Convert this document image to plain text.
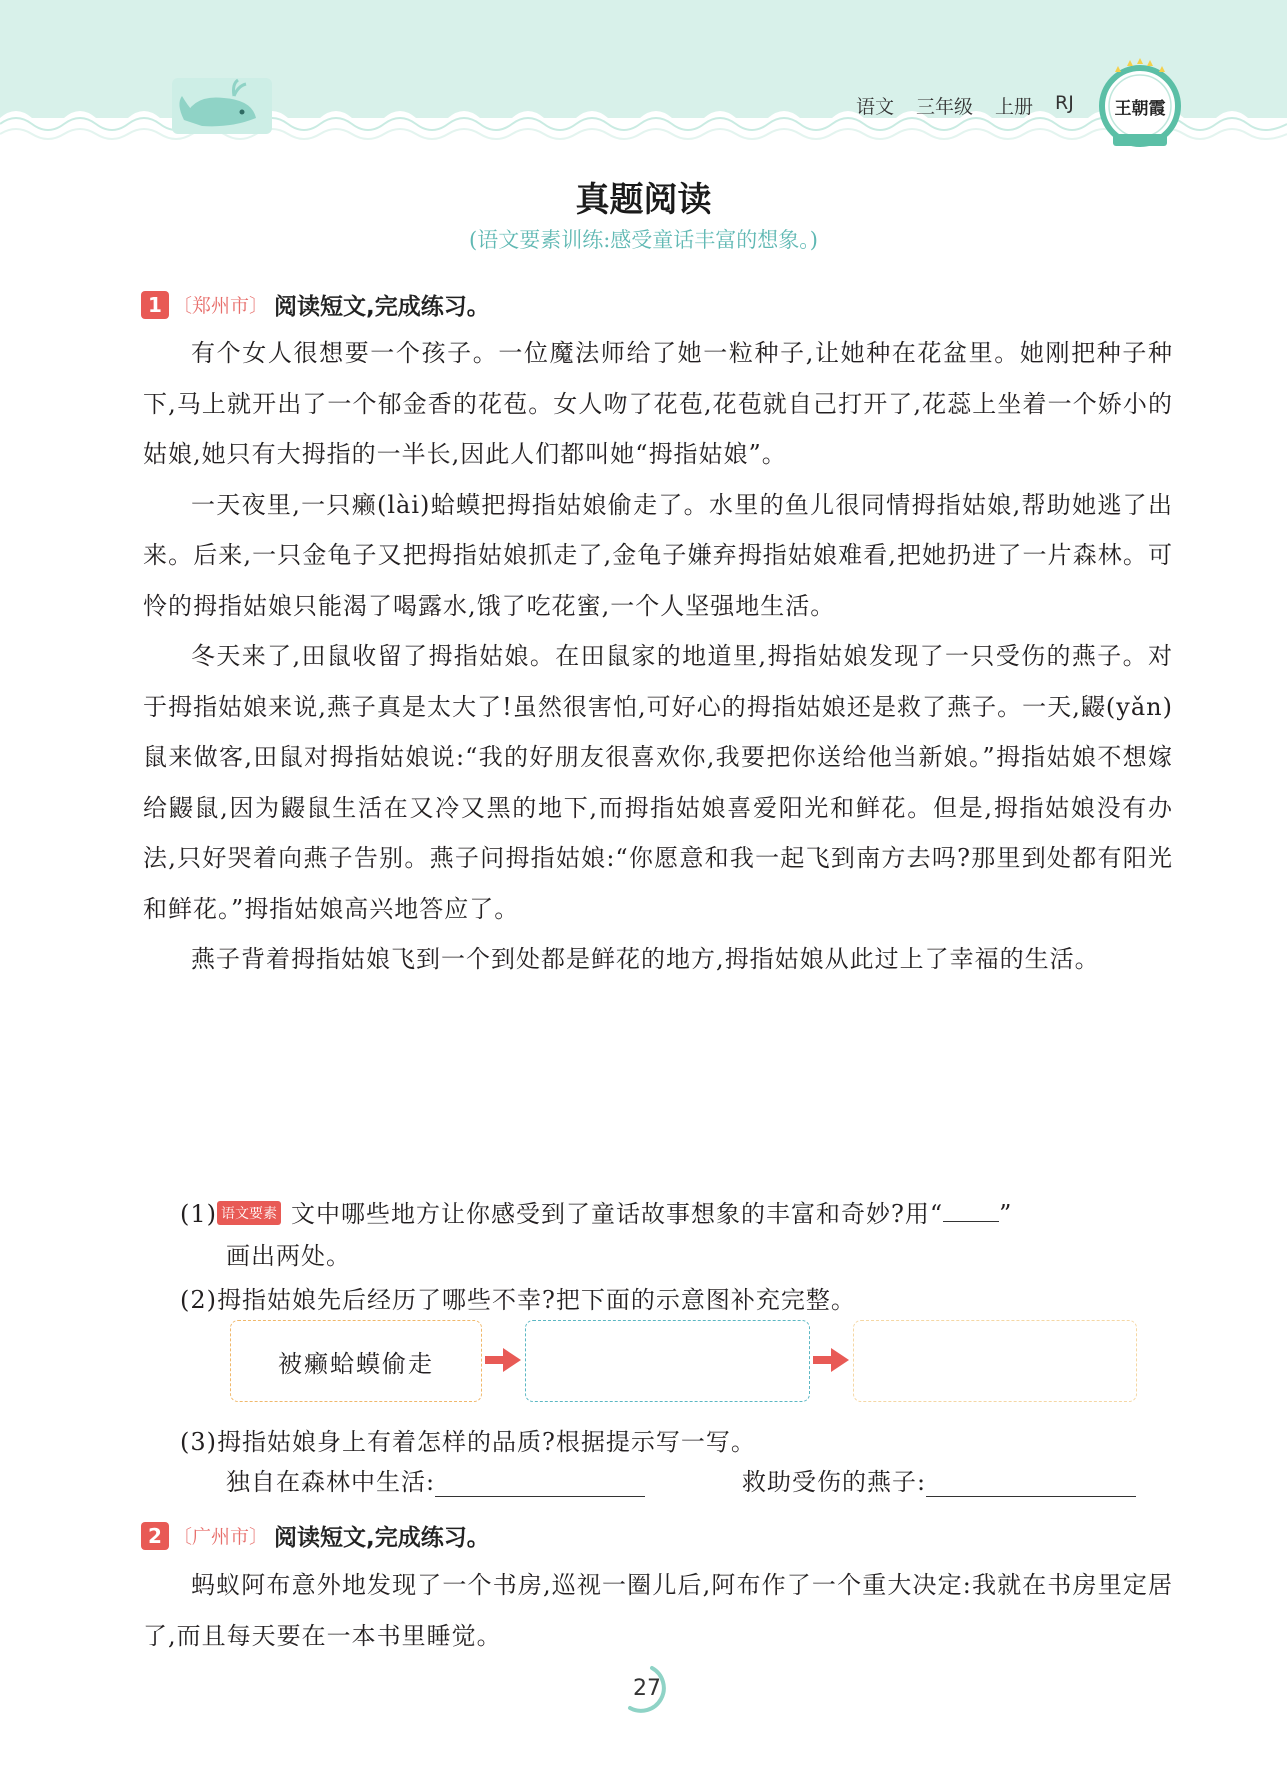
语文 三年级 上册 RJ	王朝霞
真题阅读
(语文要素训练:感受童话丰富的想象。)
1 〔郑州市〕 阅读短文,完成练习。

有个女人很想要一个孩子。一位魔法师给了她一粒种子,让她种在花盆里。她刚把种子种下,马上就开出了一个郁金香的花苞。女人吻了花苞,花苞就自己打开了,花蕊上坐着一个娇小的姑娘,她只有大拇指的一半长,因此人们都叫她“拇指姑娘”。

一天夜里,一只癞(lài)蛤蟆把拇指姑娘偷走了。水里的鱼儿很同情拇指姑娘,帮助她逃了出来。后来,一只金龟子又把拇指姑娘抓走了,金龟子嫌弃拇指姑娘难看,把她扔进了一片森林。可怜的拇指姑娘只能渴了喝露水,饿了吃花蜜,一个人坚强地生活。

冬天来了,田鼠收留了拇指姑娘。在田鼠家的地道里,拇指姑娘发现了一只受伤的燕子。对于拇指姑娘来说,燕子真是太大了!虽然很害怕,可好心的拇指姑娘还是救了燕子。一天,鼹(yǎn)鼠来做客,田鼠对拇指姑娘说:“我的好朋友很喜欢你,我要把你送给他当新娘。”拇指姑娘不想嫁给鼹鼠,因为鼹鼠生活在又冷又黑的地下,而拇指姑娘喜爱阳光和鲜花。但是,拇指姑娘没有办法,只好哭着向燕子告别。燕子问拇指姑娘:“你愿意和我一起飞到南方去吗?那里到处都有阳光和鲜花。”拇指姑娘高兴地答应了。

燕子背着拇指姑娘飞到一个到处都是鲜花的地方,拇指姑娘从此过上了幸福的生活。

(1) 语文要素 文中哪些地方让你感受到了童话故事想象的丰富和奇妙?用“ ”
画出两处。
(2)拇指姑娘先后经历了哪些不幸?把下面的示意图补充完整。
被癞蛤蟆偷走
(3)拇指姑娘身上有着怎样的品质?根据提示写一写。
独自在森林中生活:	救助受伤的燕子:
2 〔广州市〕 阅读短文,完成练习。

蚂蚁阿布意外地发现了一个书房,巡视一圈儿后,阿布作了一个重大决定:我就在书房里定居了,而且每天要在一本书里睡觉。

27
